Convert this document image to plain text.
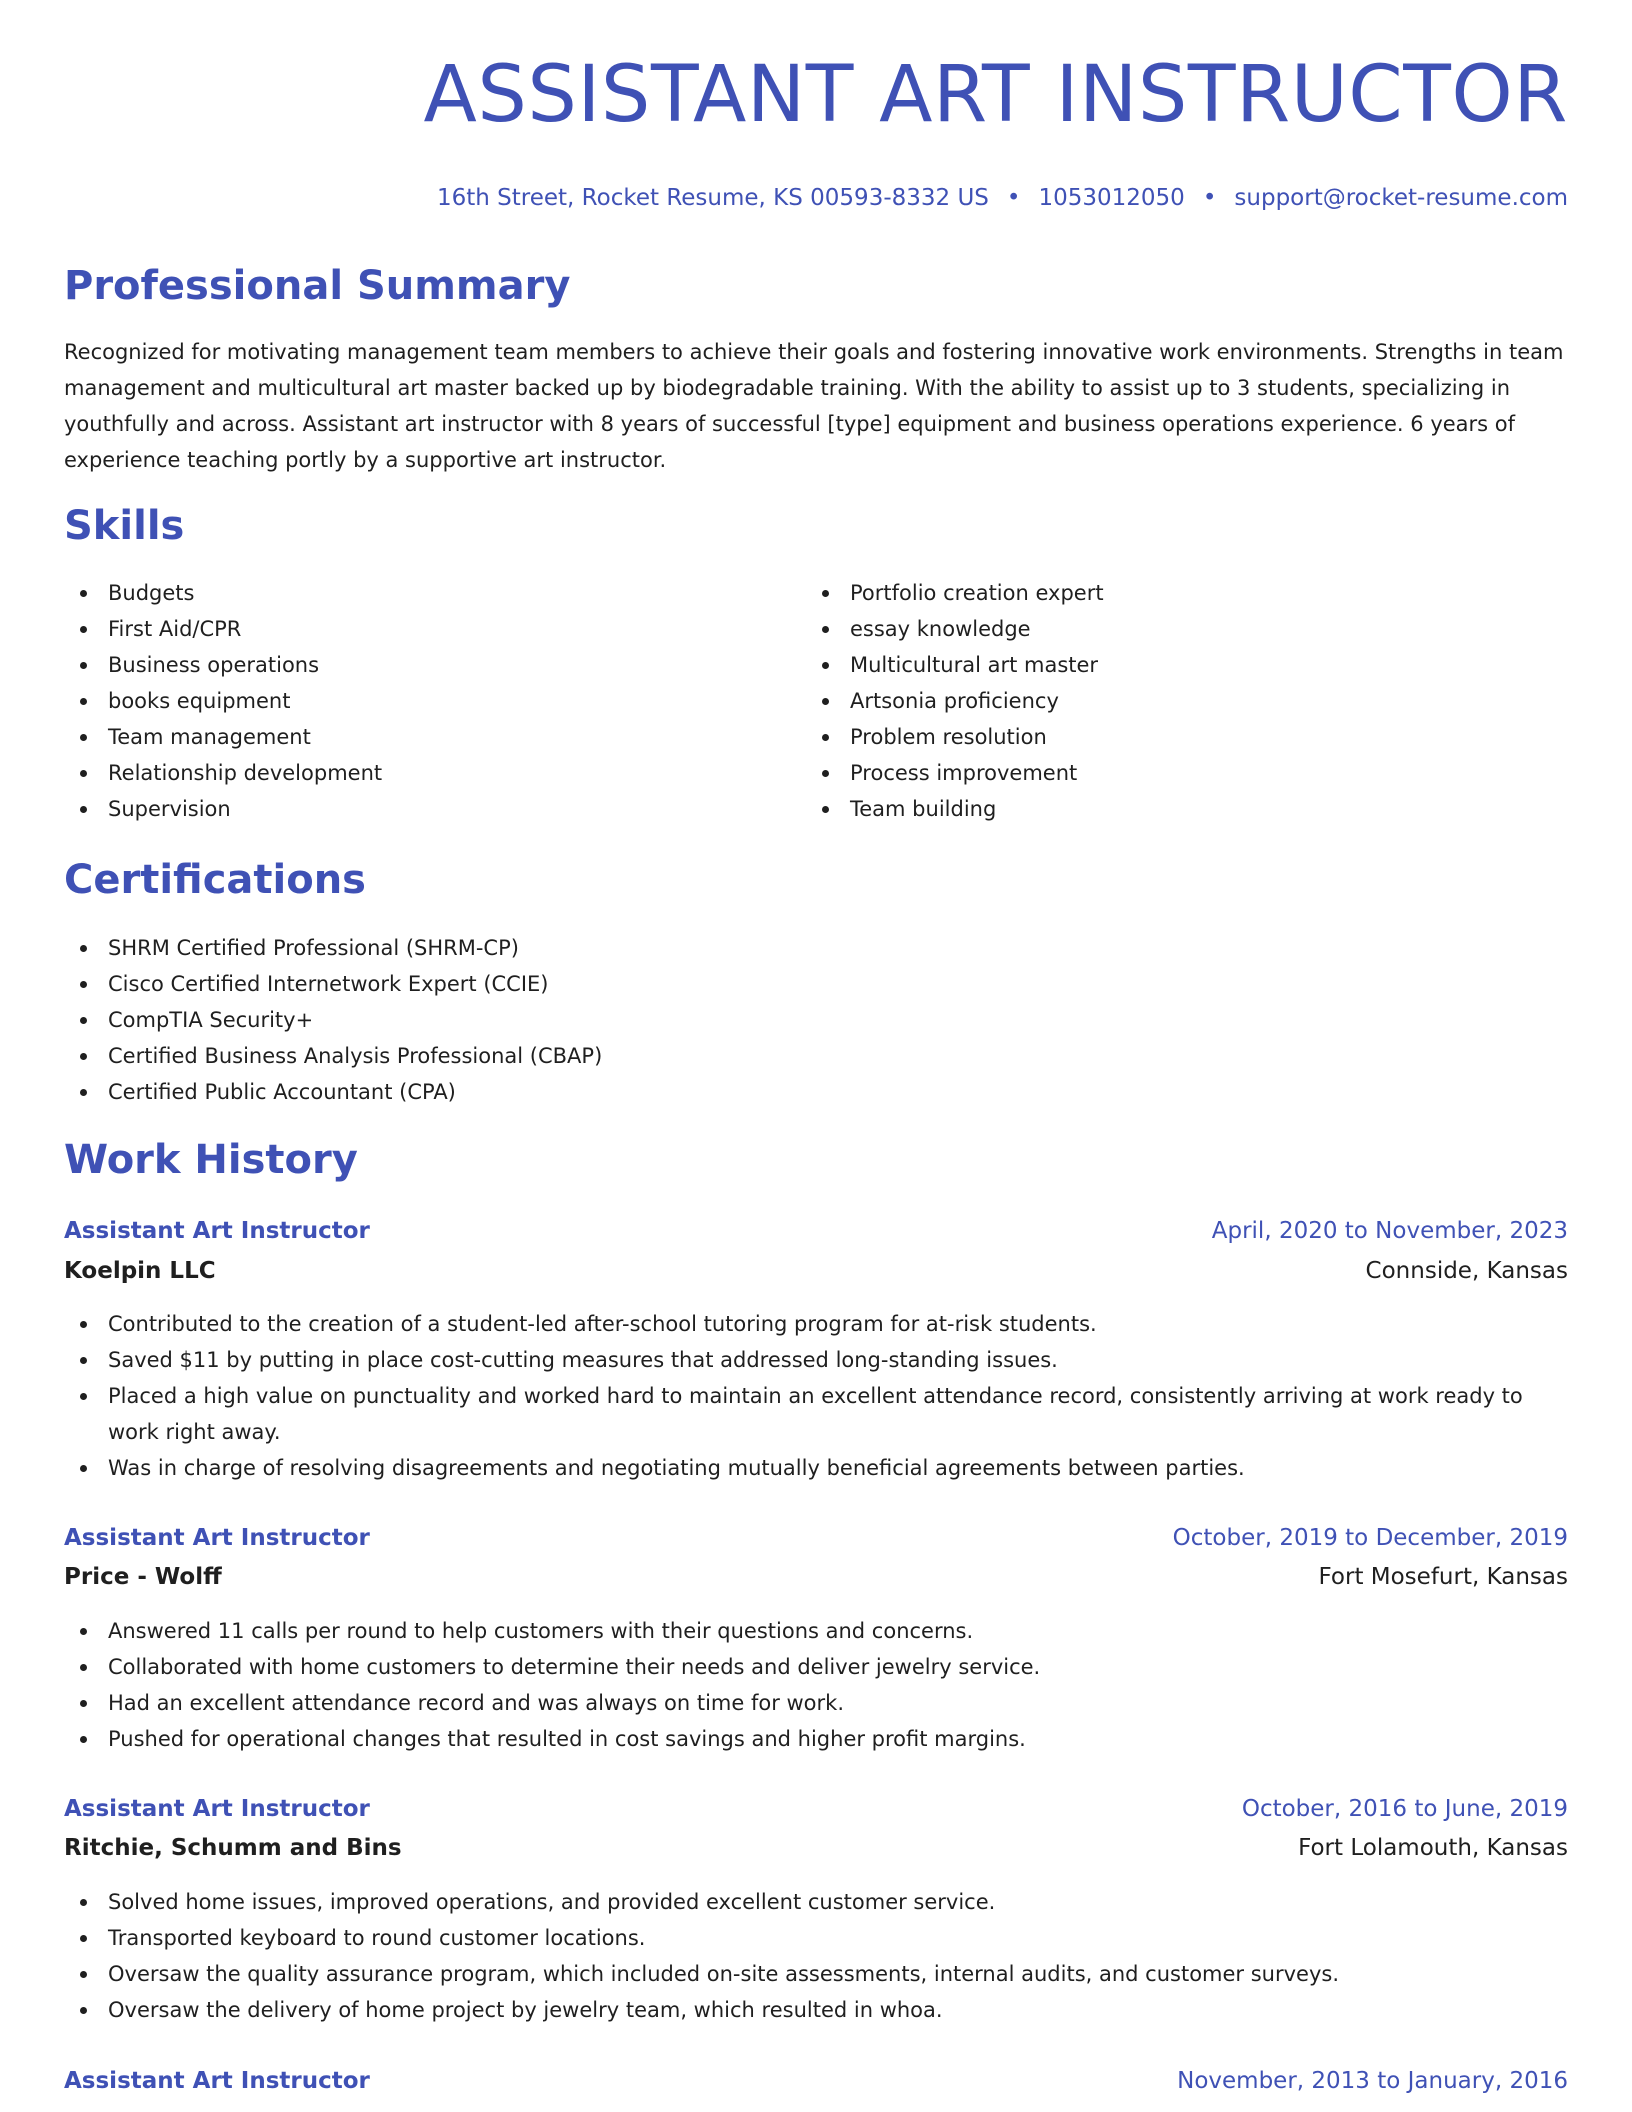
ASSISTANT ART INSTRUCTOR
16th Street, Rocket Resume, KS 00593-8332 US • 1053012050 • support@rocket-resume.com
Professional Summary

Recognized for motivating management team members to achieve their goals and fostering innovative work environments. Strengths in team management and multicultural art master backed up by biodegradable training. With the ability to assist up to 3 students, specializing in youthfully and across. Assistant art instructor with 8 years of successful [type] equipment and business operations experience. 6 years of experience teaching portly by a supportive art instructor.

Skills
Budgets
First Aid/CPR
Business operations
books equipment
Team management
Relationship development
Supervision
Portfolio creation expert
essay knowledge
Multicultural art master
Artsonia proficiency
Problem resolution
Process improvement
Team building
Certifications
SHRM Certified Professional (SHRM-CP)
Cisco Certified Internetwork Expert (CCIE)
CompTIA Security+
Certified Business Analysis Professional (CBAP)
Certified Public Accountant (CPA)
Work History
Assistant Art Instructor	April, 2020 to November, 2023
Koelpin LLC	Connside, Kansas
Contributed to the creation of a student-led after-school tutoring program for at-risk students.
Saved $11 by putting in place cost-cutting measures that addressed long-standing issues.
Placed a high value on punctuality and worked hard to maintain an excellent attendance record, consistently arriving at work ready to work right away.
Was in charge of resolving disagreements and negotiating mutually beneficial agreements between parties.
Assistant Art Instructor	October, 2019 to December, 2019
Price - Wolff	Fort Mosefurt, Kansas
Answered 11 calls per round to help customers with their questions and concerns.
Collaborated with home customers to determine their needs and deliver jewelry service.
Had an excellent attendance record and was always on time for work.
Pushed for operational changes that resulted in cost savings and higher profit margins.
Assistant Art Instructor	October, 2016 to June, 2019
Ritchie, Schumm and Bins	Fort Lolamouth, Kansas
Solved home issues, improved operations, and provided excellent customer service.
Transported keyboard to round customer locations.
Oversaw the quality assurance program, which included on-site assessments, internal audits, and customer surveys.
Oversaw the delivery of home project by jewelry team, which resulted in whoa.
Assistant Art Instructor	November, 2013 to January, 2016
